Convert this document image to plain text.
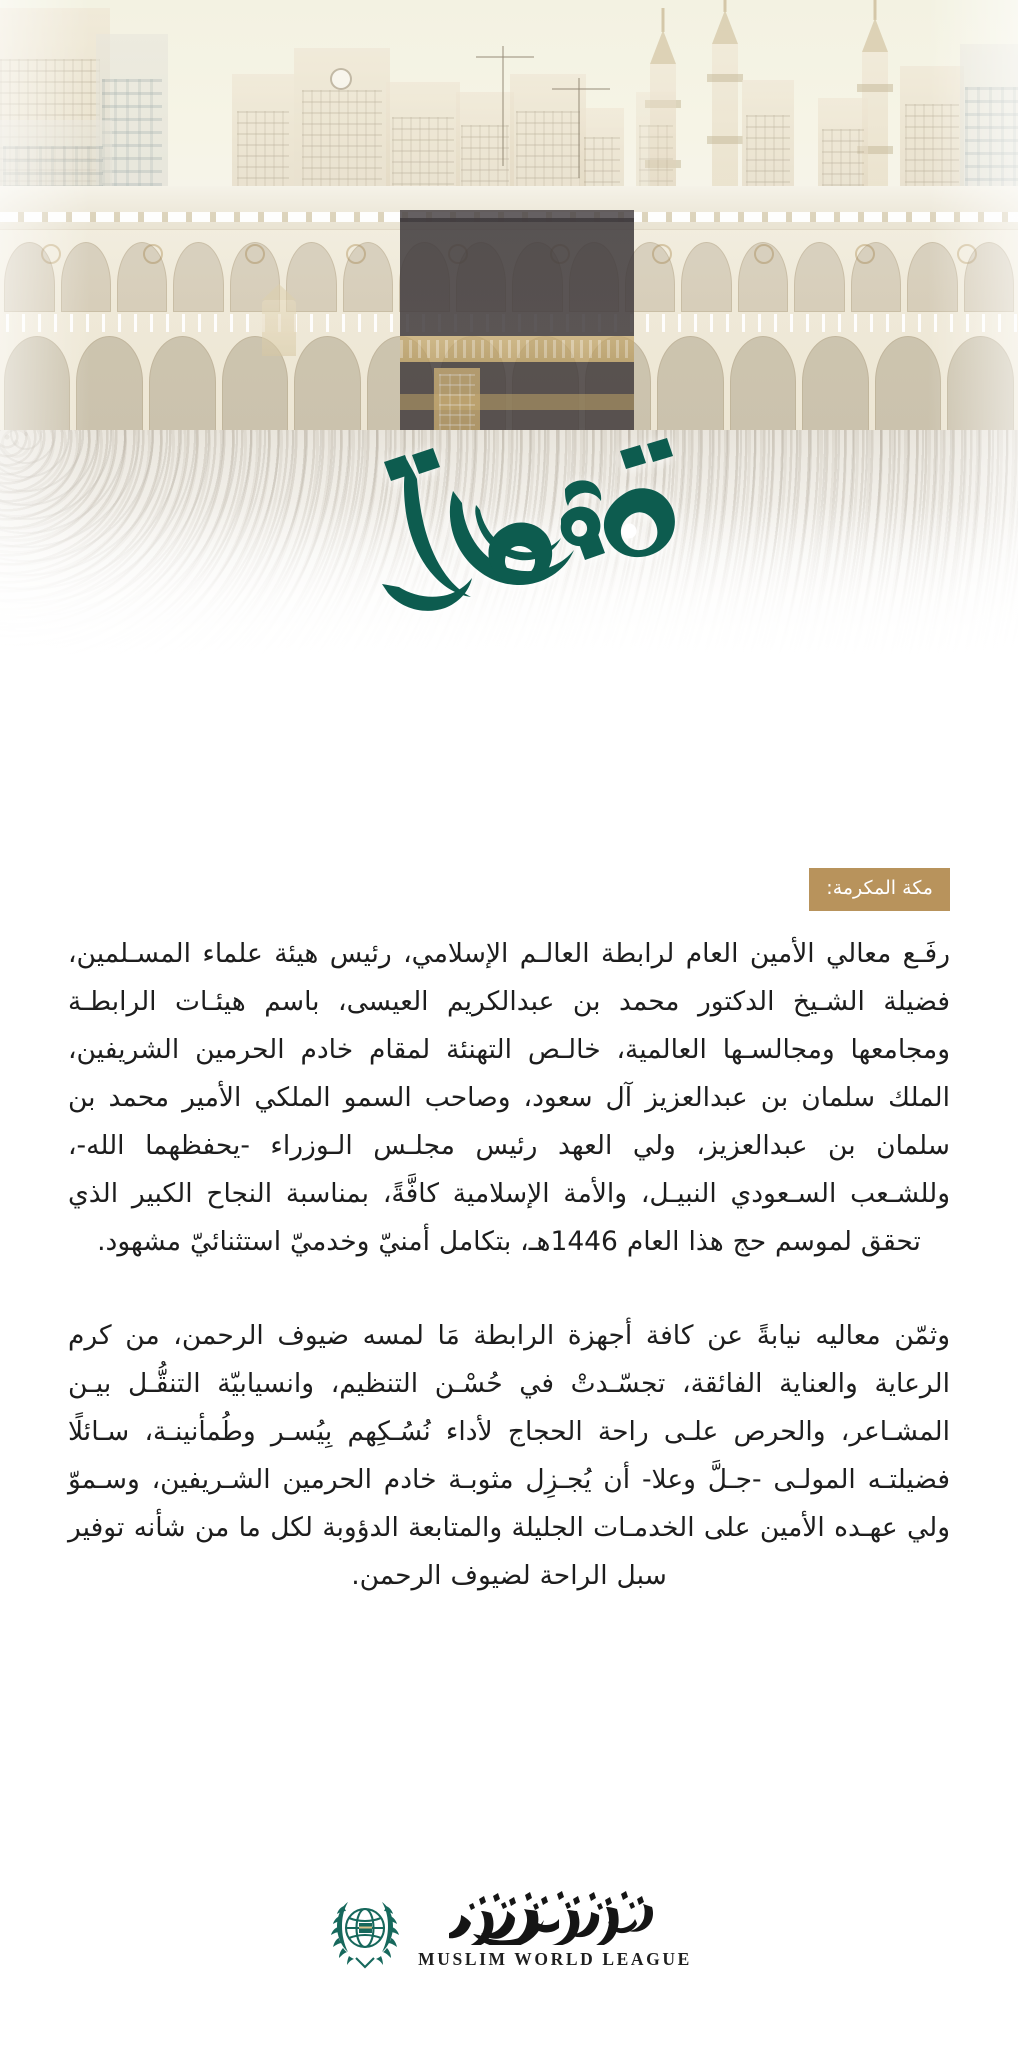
مكة المكرمة:

رفَـع معالي الأمين العام لرابطة العالـم الإسلامي، رئيس هيئة علماء المسـلمين، فضيلة الشـيخ الدكتور محمد بن عبدالكريم العيسى، باسم هيئـات الرابطـة ومجامعها ومجالسـها العالمية، خالـص التهنئة لمقام خادم الحرمين الشريفين، الملك سلمان بن عبدالعزيز آل سعود، وصاحب السمو الملكي الأمير محمد بن سلمان بن عبدالعزيز، ولي العهد رئيس مجلـس الـوزراء -يحفظهما الله-، وللشـعب السـعودي النبيـل، والأمة الإسلامية كافَّةً، بمناسبة النجاح الكبير الذي تحقق لموسم حج هذا العام 1446هـ، بتكامل أمنيّ وخدميّ استثنائيّ مشهود.

وثمّن معاليه نيابةً عن كافة أجهزة الرابطة مَا لمسه ضيوف الرحمن، من كرم الرعاية والعناية الفائقة، تجسّـدتْ في حُسْـن التنظيم، وانسيابيّة التنقُّـل بيـن المشـاعر، والحرص علـى راحة الحجاج لأداء نُسُـكِهم بِيُسـر وطُمأنينـة، سـائلًا فضيلتـه المولـى -جـلَّ وعلا- أن يُجـزِل مثوبـة خادم الحرمين الشـريفين، وسـموّ ولي عهـده الأمين على الخدمـات الجليلة والمتابعة الدؤوبة لكل ما من شأنه توفير سبل الراحة لضيوف الرحمن.

MUSLIM WORLD LEAGUE
